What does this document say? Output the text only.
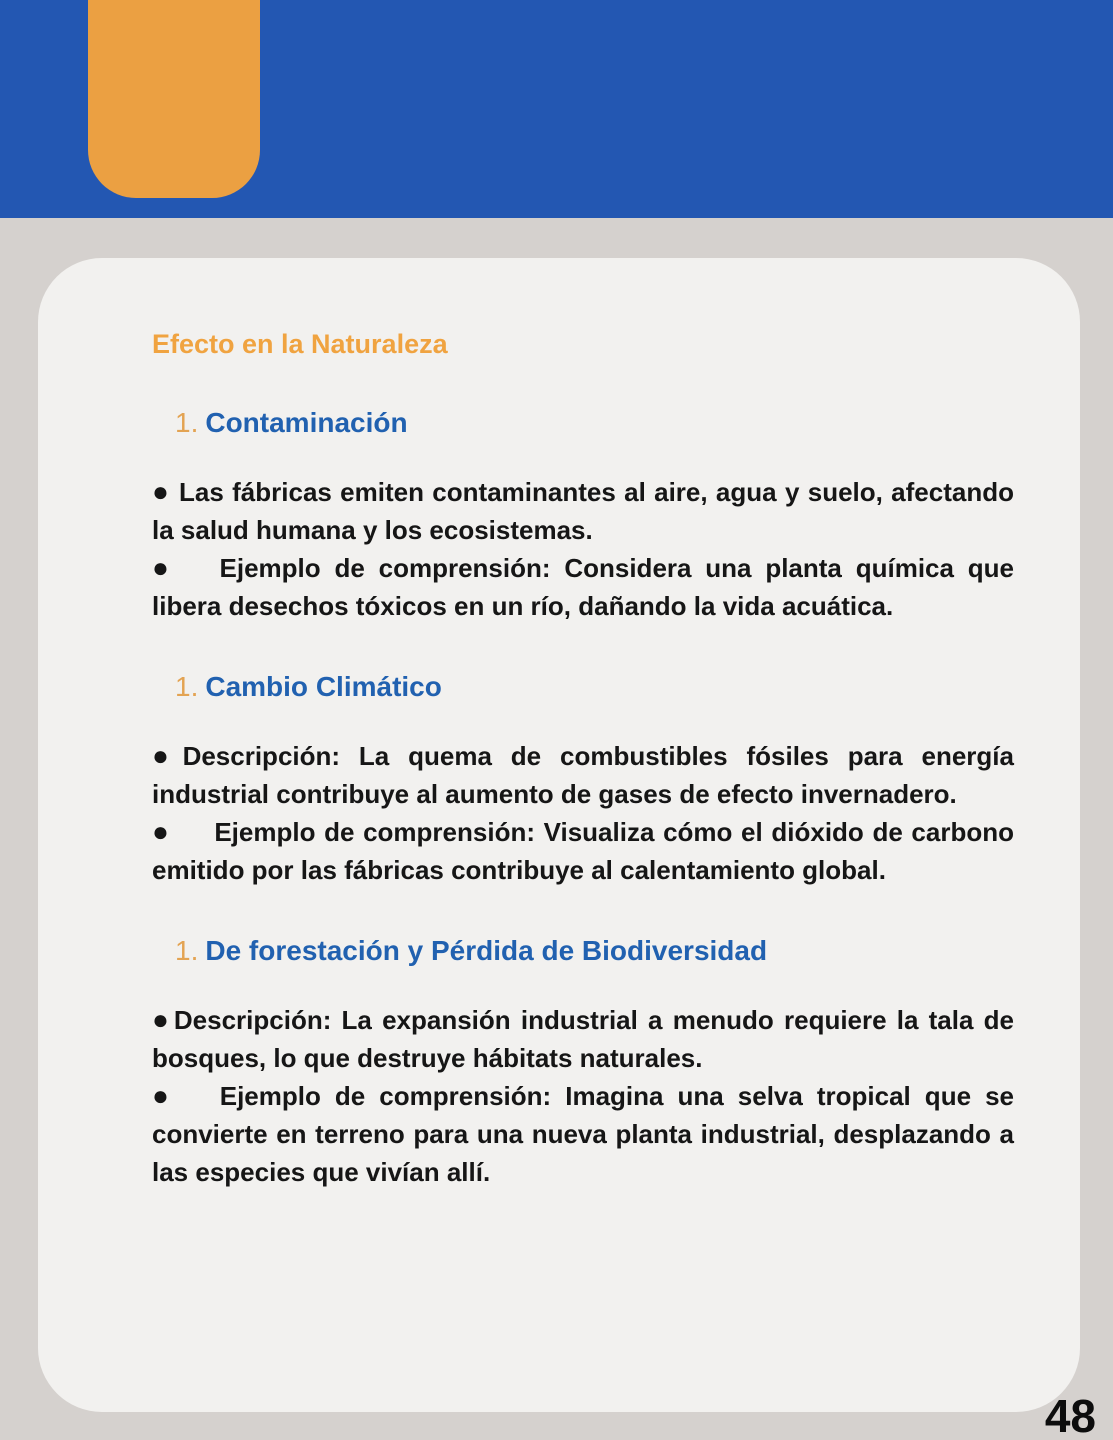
Efecto en la Naturaleza
1. Contaminación

● Las fábricas emiten contaminantes al aire, agua y suelo, afectando la salud humana y los ecosistemas.

● Ejemplo de comprensión: Considera una planta química que libera desechos tóxicos en un río, dañando la vida acuática.

1. Cambio Climático

●Descripción: La quema de combustibles fósiles para energía industrial contribuye al aumento de gases de efecto invernadero.

● Ejemplo de comprensión: Visualiza cómo el dióxido de carbono emitido por las fábricas contribuye al calentamiento global.

1. De forestación y Pérdida de Biodiversidad

●Descripción: La expansión industrial a menudo requiere la tala de bosques, lo que destruye hábitats naturales.

● Ejemplo de comprensión: Imagina una selva tropical que se convierte en terreno para una nueva planta industrial, desplazando a las especies que vivían allí.

48
